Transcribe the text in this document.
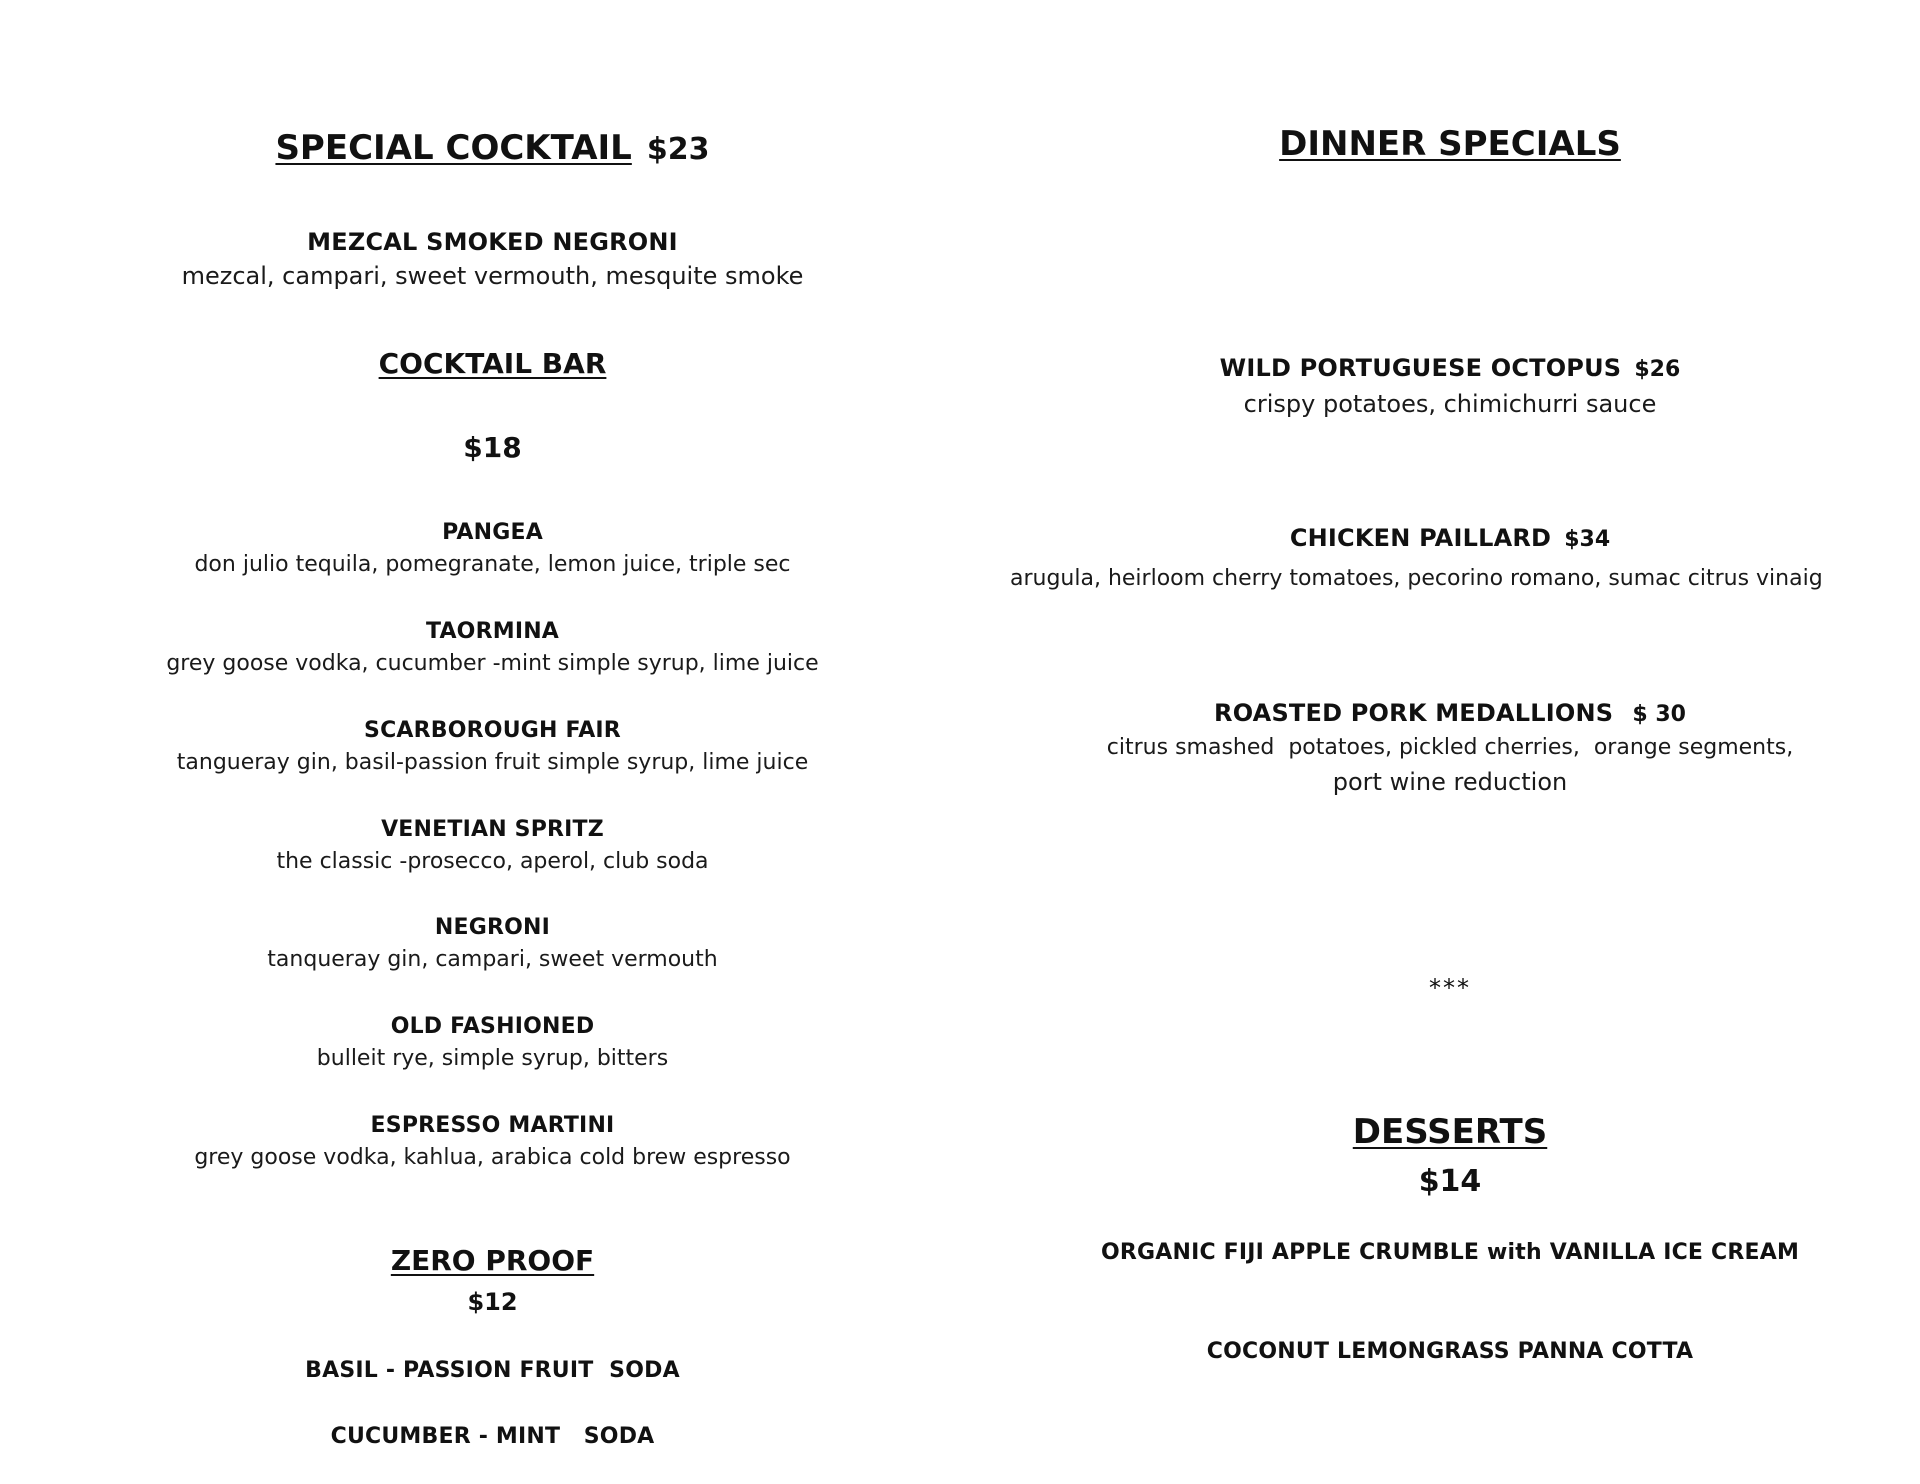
SPECIAL COCKTAIL $23
MEZCAL SMOKED NEGRONI
mezcal, campari, sweet vermouth, mesquite smoke
COCKTAIL BAR
$18
PANGEA
don julio tequila, pomegranate, lemon juice, triple sec
TAORMINA
grey goose vodka, cucumber -mint simple syrup, lime juice
SCARBOROUGH FAIR
tangueray gin, basil-passion fruit simple syrup, lime juice
VENETIAN SPRITZ
the classic -prosecco, aperol, club soda
NEGRONI
tanqueray gin, campari, sweet vermouth
OLD FASHIONED
bulleit rye, simple syrup, bitters
ESPRESSO MARTINI
grey goose vodka, kahlua, arabica cold brew espresso
ZERO PROOF
$12
BASIL - PASSION FRUIT  SODA
CUCUMBER - MINT   SODA
DINNER SPECIALS
WILD PORTUGUESE OCTOPUS $26
crispy potatoes, chimichurri sauce
CHICKEN PAILLARD $34
arugula, heirloom cherry tomatoes, pecorino romano, sumac citrus vinaig
ROASTED PORK MEDALLIONS $ 30
citrus smashed  potatoes, pickled cherries,  orange segments,
port wine reduction
***
DESSERTS
$14
ORGANIC FIJI APPLE CRUMBLE with VANILLA ICE CREAM
COCONUT LEMONGRASS PANNA COTTA
